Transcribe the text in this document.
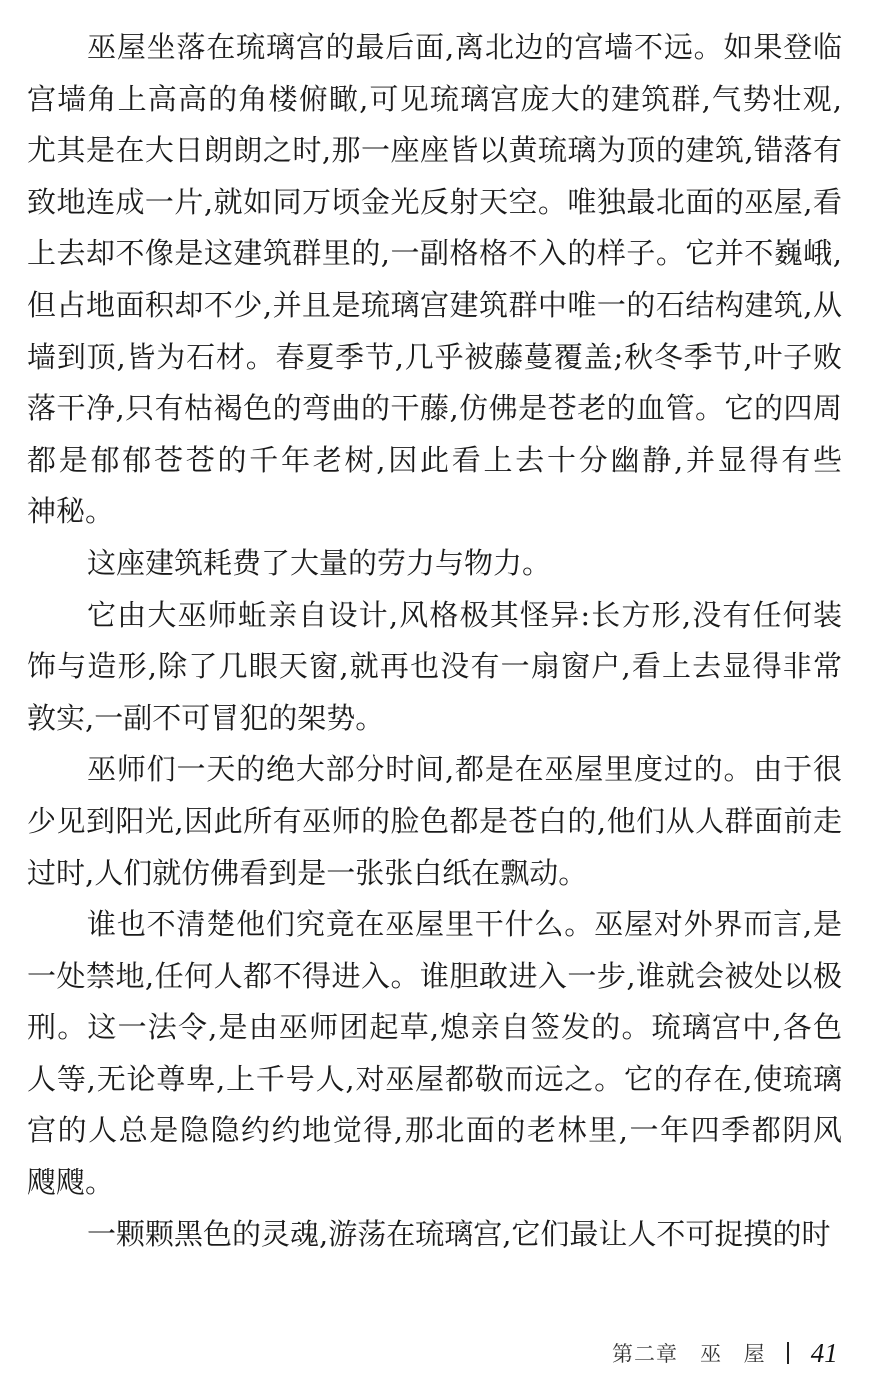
巫屋坐落在琉璃宫的最后面,离北边的宫墙不远。如果登临
宫墙角上高高的角楼俯瞰,可见琉璃宫庞大的建筑群,气势壮观,
尤其是在大日朗朗之时,那一座座皆以黄琉璃为顶的建筑,错落有
致地连成一片,就如同万顷金光反射天空。唯独最北面的巫屋,看
上去却不像是这建筑群里的,一副格格不入的样子。它并不巍峨,
但占地面积却不少,并且是琉璃宫建筑群中唯一的石结构建筑,从
墙到顶,皆为石材。春夏季节,几乎被藤蔓覆盖;秋冬季节,叶子败
落干净,只有枯褐色的弯曲的干藤,仿佛是苍老的血管。它的四周
都是郁郁苍苍的千年老树,因此看上去十分幽静,并显得有些
神秘。
这座建筑耗费了大量的劳力与物力。
它由大巫师蚯亲自设计,风格极其怪异:长方形,没有任何装
饰与造形,除了几眼天窗,就再也没有一扇窗户,看上去显得非常
敦实,一副不可冒犯的架势。
巫师们一天的绝大部分时间,都是在巫屋里度过的。由于很
少见到阳光,因此所有巫师的脸色都是苍白的,他们从人群面前走
过时,人们就仿佛看到是一张张白纸在飘动。
谁也不清楚他们究竟在巫屋里干什么。巫屋对外界而言,是
一处禁地,任何人都不得进入。谁胆敢进入一步,谁就会被处以极
刑。这一法令,是由巫师团起草,熄亲自签发的。琉璃宫中,各色
人等,无论尊卑,上千号人,对巫屋都敬而远之。它的存在,使琉璃
宫的人总是隐隐约约地觉得,那北面的老林里,一年四季都阴风
飕飕。
一颗颗黑色的灵魂,游荡在琉璃宫,它们最让人不可捉摸的时
第二章 巫 屋 41
